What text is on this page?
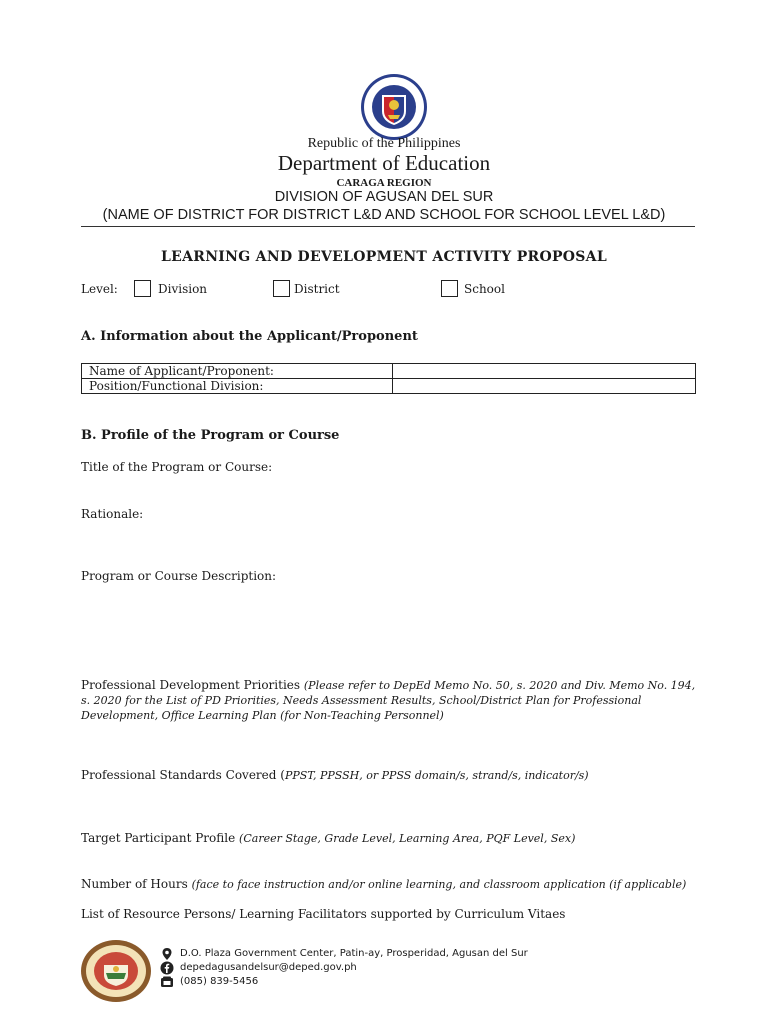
Republic of the Philippines
Department of Education
CARAGA REGION
DIVISION OF AGUSAN DEL SUR
(NAME OF DISTRICT FOR DISTRICT L&D AND SCHOOL FOR SCHOOL LEVEL L&D)
LEARNING AND DEVELOPMENT ACTIVITY PROPOSAL
Level:	Division	District	School
A. Information about the Applicant/Proponent
Name of Applicant/Proponent:	
Position/Functional Division:	
B. Profile of the Program or Course
Title of the Program or Course:
Rationale:
Program or Course Description:
Professional Development Priorities (Please refer to DepEd Memo No. 50, s. 2020 and Div. Memo No. 194, s. 2020 for the List of PD Priorities, Needs Assessment Results, School/District Plan for Professional Development, Office Learning Plan (for Non-Teaching Personnel)
Professional Standards Covered (PPST, PPSSH, or PPSS domain/s, strand/s, indicator/s)
Target Participant Profile (Career Stage, Grade Level, Learning Area, PQF Level, Sex)
Number of Hours (face to face instruction and/or online learning, and classroom application (if applicable)
List of Resource Persons/ Learning Facilitators supported by Curriculum Vitaes
D.O. Plaza Government Center, Patin-ay, Prosperidad, Agusan del Sur
depedagusandelsur@deped.gov.ph
(085) 839-5456
